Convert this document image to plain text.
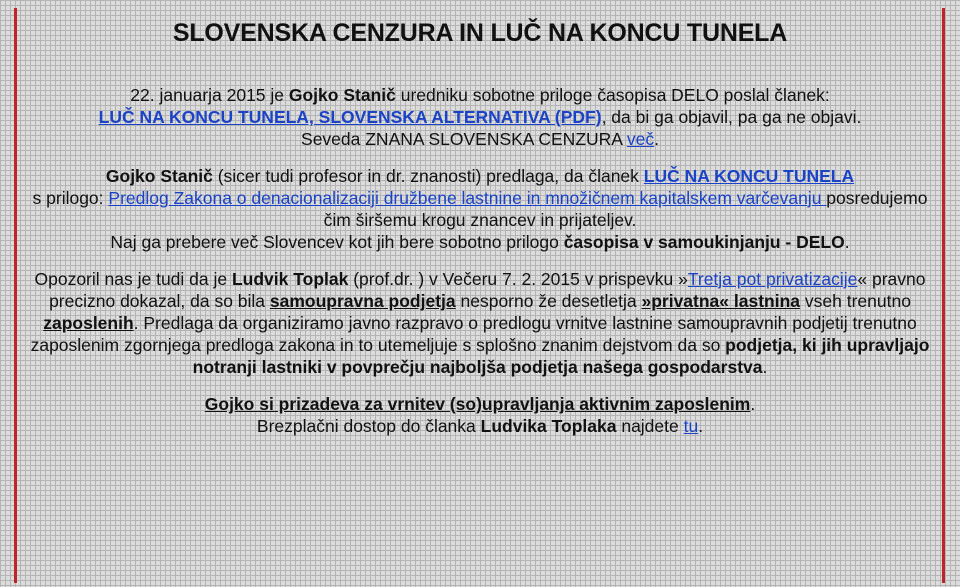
SLOVENSKA CENZURA IN LUČ NA KONCU TUNELA

22. januarja 2015 je Gojko Stanič uredniku sobotne priloge časopisa DELO poslal članek:
LUČ NA KONCU TUNELA, SLOVENSKA ALTERNATIVA (PDF), da bi ga objavil, pa ga ne objavi.
Seveda ZNANA SLOVENSKA CENZURA več.

Gojko Stanič (sicer tudi profesor in dr. znanosti) predlaga, da članek LUČ NA KONCU TUNELA
s prilogo: Predlog Zakona o denacionalizaciji družbene lastnine in množičnem kapitalskem varčevanju posredujemo čim širšemu krogu znancev in prijateljev.
Naj ga prebere več Slovencev kot jih bere sobotno prilogo časopisa v samoukinjanju - DELO.

Opozoril nas je tudi da je Ludvik Toplak (prof.dr. ) v Večeru 7. 2. 2015 v prispevku »Tretja pot privatizacije« pravno precizno dokazal, da so bila samoupravna podjetja nesporno že desetletja »privatna« lastnina vseh trenutno zaposlenih. Predlaga da organiziramo javno razpravo o predlogu vrnitve lastnine samoupravnih podjetij trenutno zaposlenim zgornjega predloga zakona in to utemeljuje s splošno znanim dejstvom da so podjetja, ki jih upravljajo notranji lastniki v povprečju najboljša podjetja našega gospodarstva.

Gojko si prizadeva za vrnitev (so)upravljanja aktivnim zaposlenim.
Brezplačni dostop do članka Ludvika Toplaka najdete tu.
